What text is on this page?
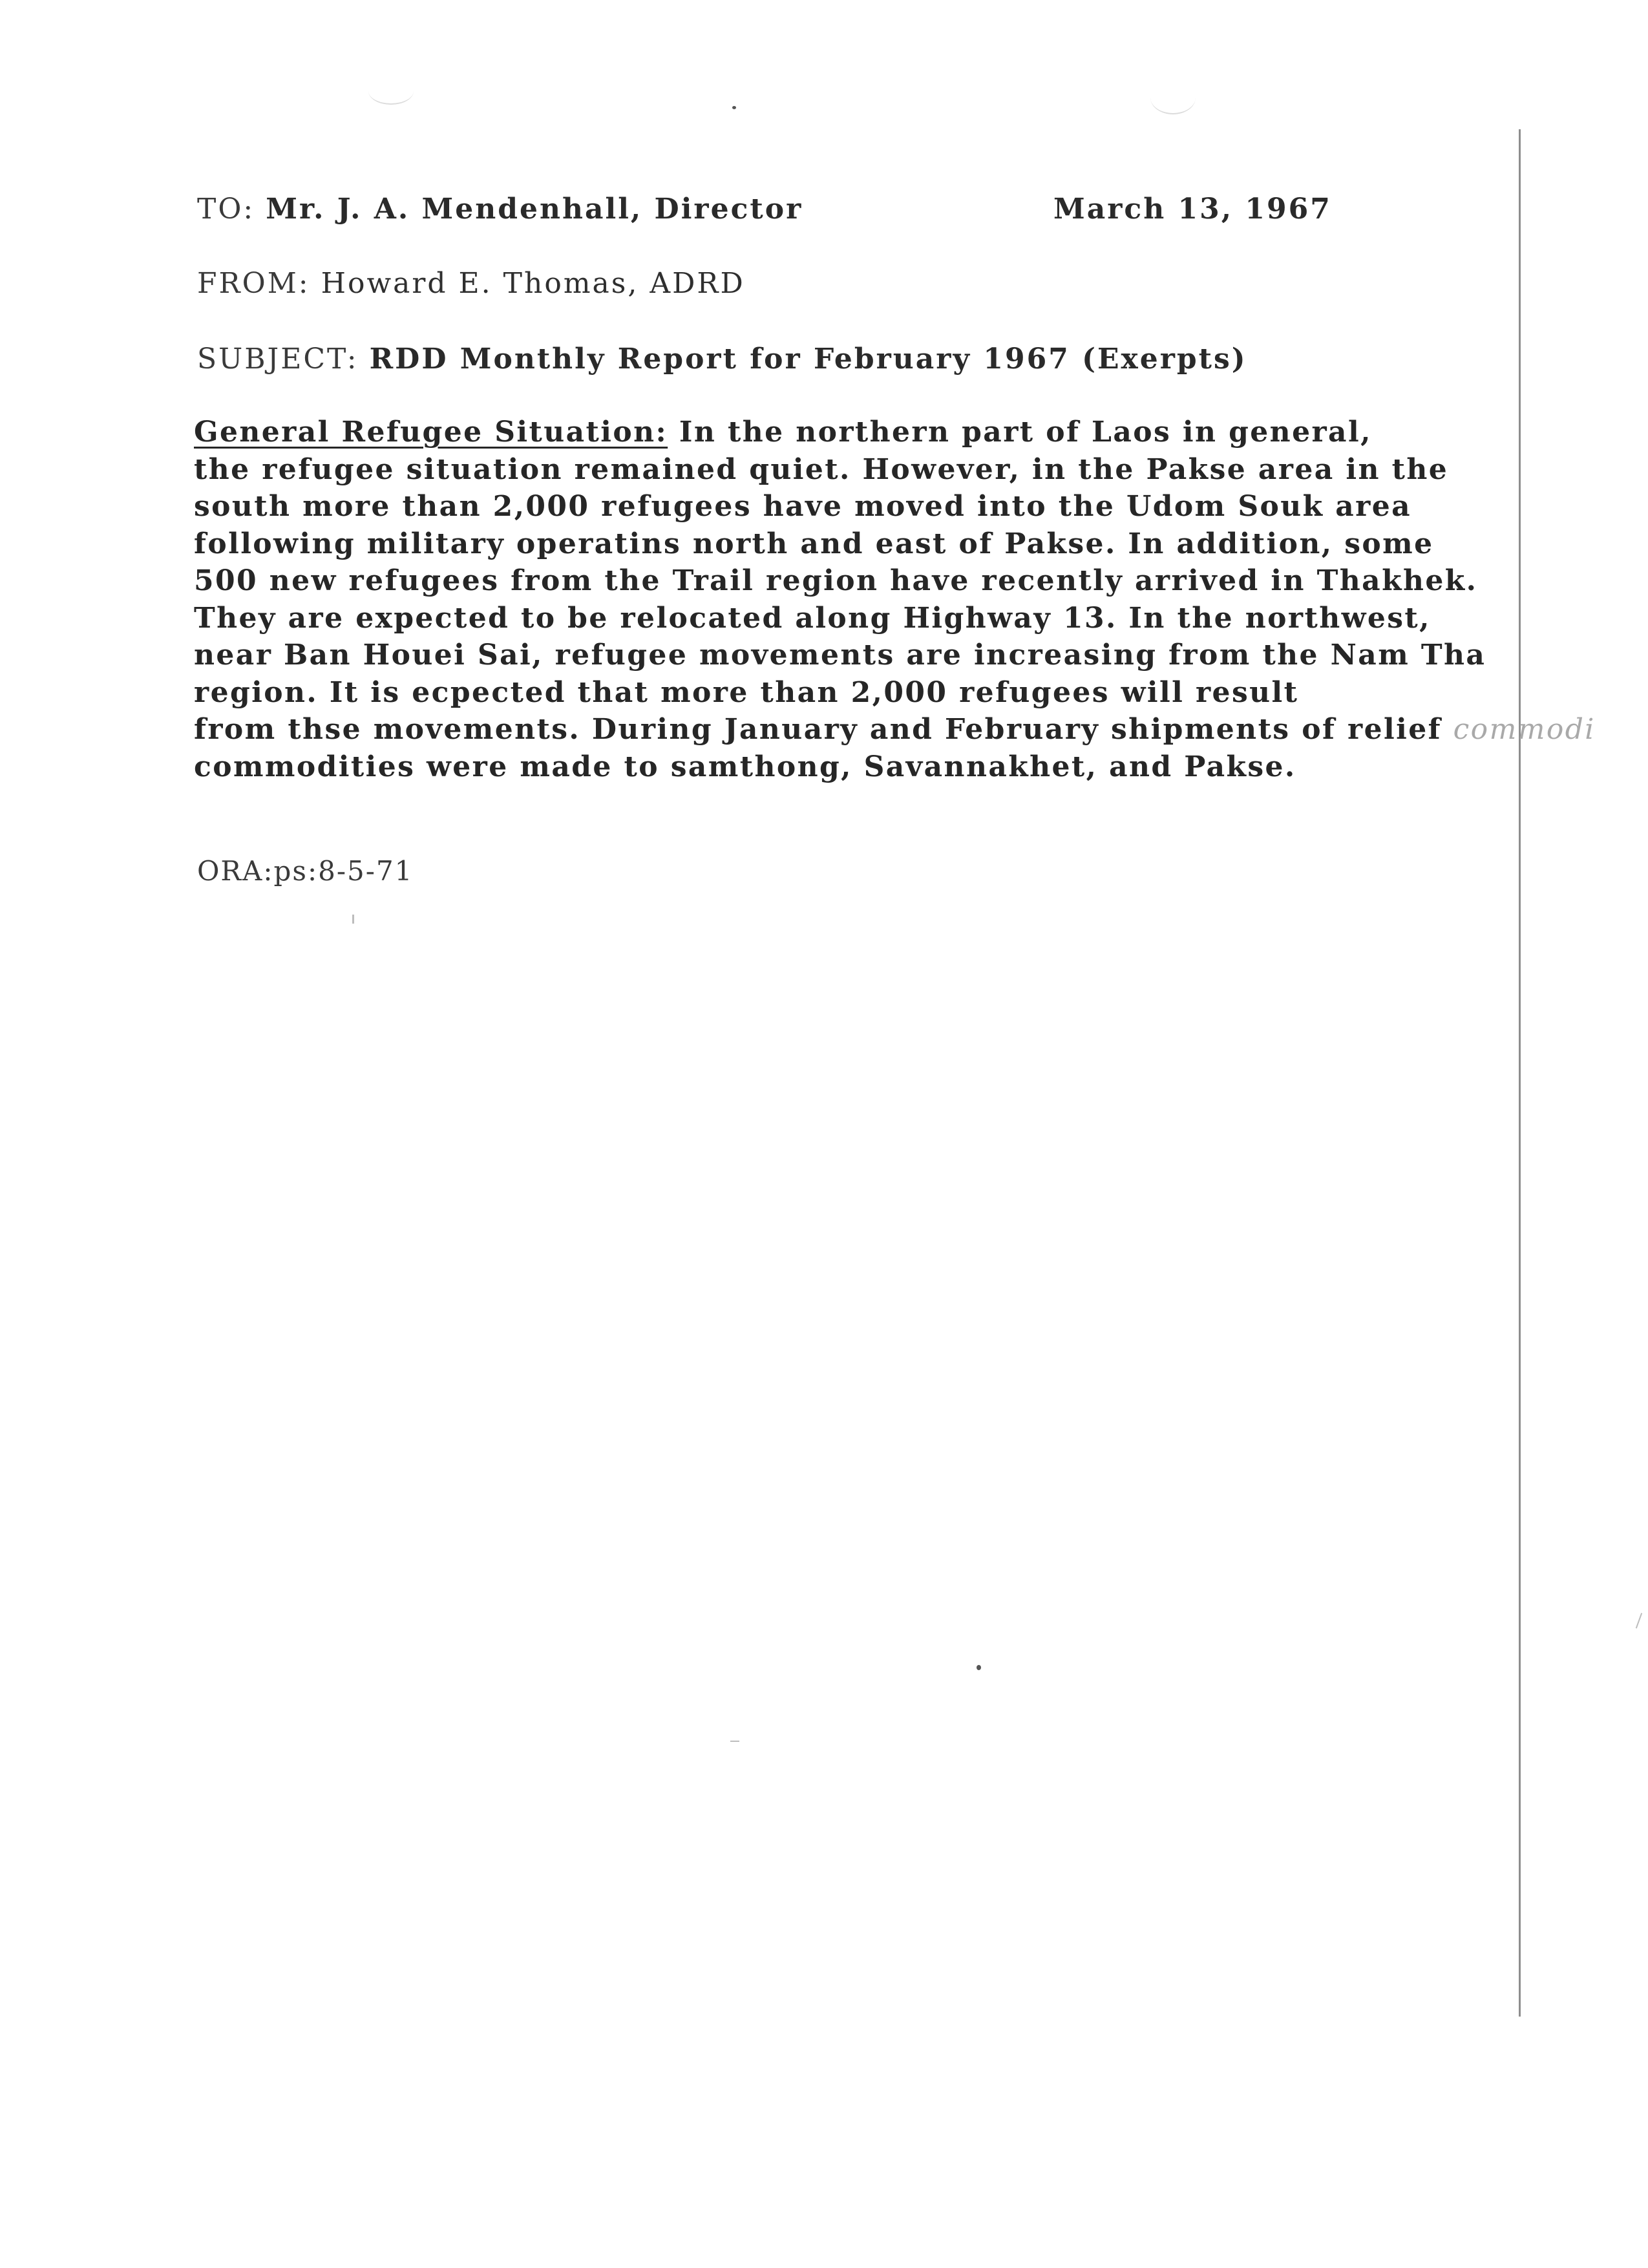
TO: Mr. J. A. Mendenhall, Director	March 13, 1967
FROM: Howard E. Thomas, ADRD
SUBJECT: RDD Monthly Report for February 1967 (Exerpts)
General Refugee Situation: In the northern part of Laos in general,
the refugee situation remained quiet. However, in the Pakse area in the
south more than 2,000 refugees have moved into the Udom Souk area
following military operatins north and east of Pakse. In addition, some
500 new refugees from the Trail region have recently arrived in Thakhek.
They are expected to be relocated along Highway 13. In the northwest,
near Ban Houei Sai, refugee movements are increasing from the Nam Tha
region. It is ecpected that more than 2,000 refugees will result
from thse movements. During January and February shipments of relief commodi
commodities were made to samthong, Savannakhet, and Pakse.
ORA:ps:8-5-71
